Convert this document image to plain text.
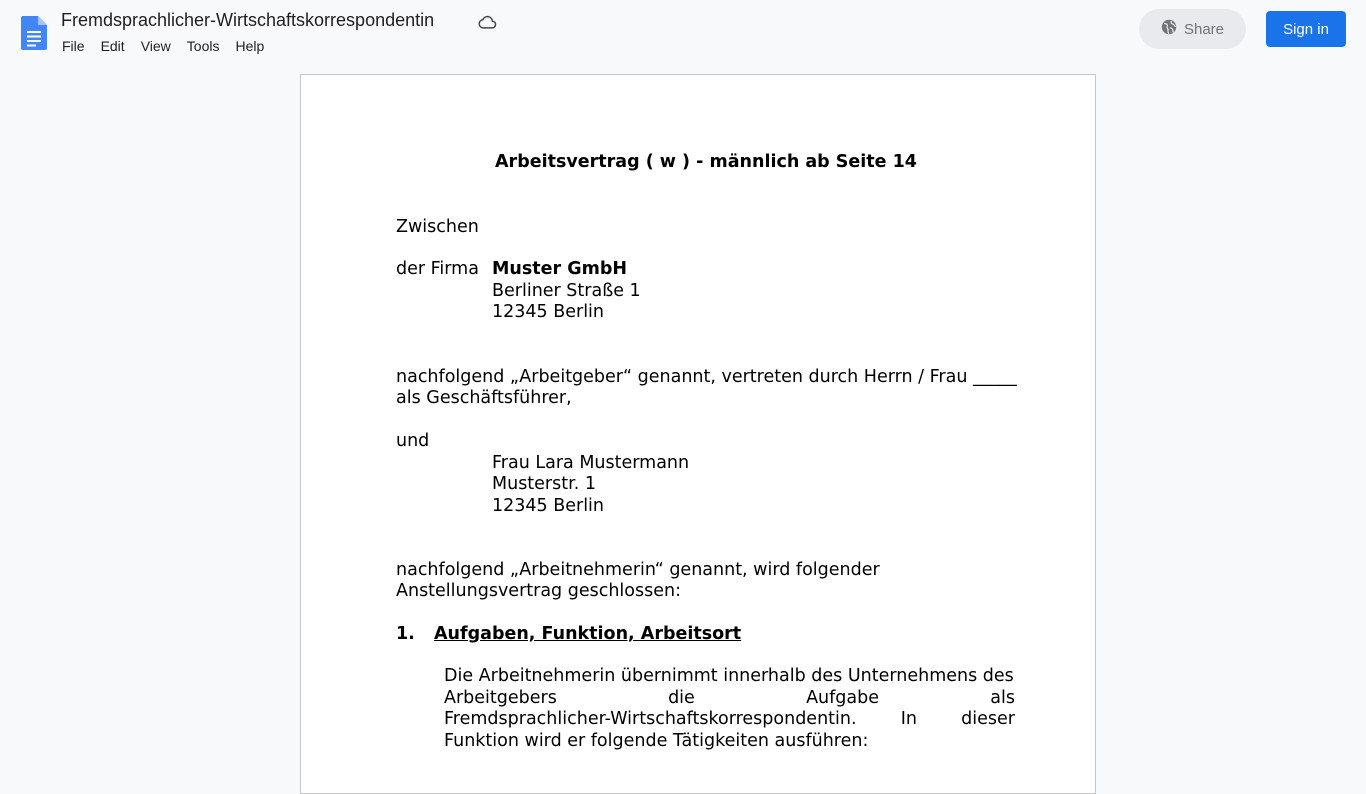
Fremdsprachlicher-Wirtschaftskorrespondentin
File	Edit	View	Tools	Help
Share	Sign in
Arbeitsvertrag ( w ) - männlich ab Seite 14
Zwischen
der Firma Muster GmbH
Berliner Straße 1
12345 Berlin
nachfolgend „Arbeitgeber“ genannt, vertreten durch Herrn / Frau _____
als Geschäftsführer,
und
Frau Lara Mustermann
Musterstr. 1
12345 Berlin
nachfolgend „Arbeitnehmerin“ genannt, wird folgender
Anstellungsvertrag geschlossen:
1. Aufgaben, Funktion, Arbeitsort
Die Arbeitnehmerin übernimmt innerhalb des Unternehmens des
Arbeitgebers	die	Aufgabe	als
Fremdsprachlicher-Wirtschaftskorrespondentin.	In	dieser
Funktion wird er folgende Tätigkeiten ausführen:
